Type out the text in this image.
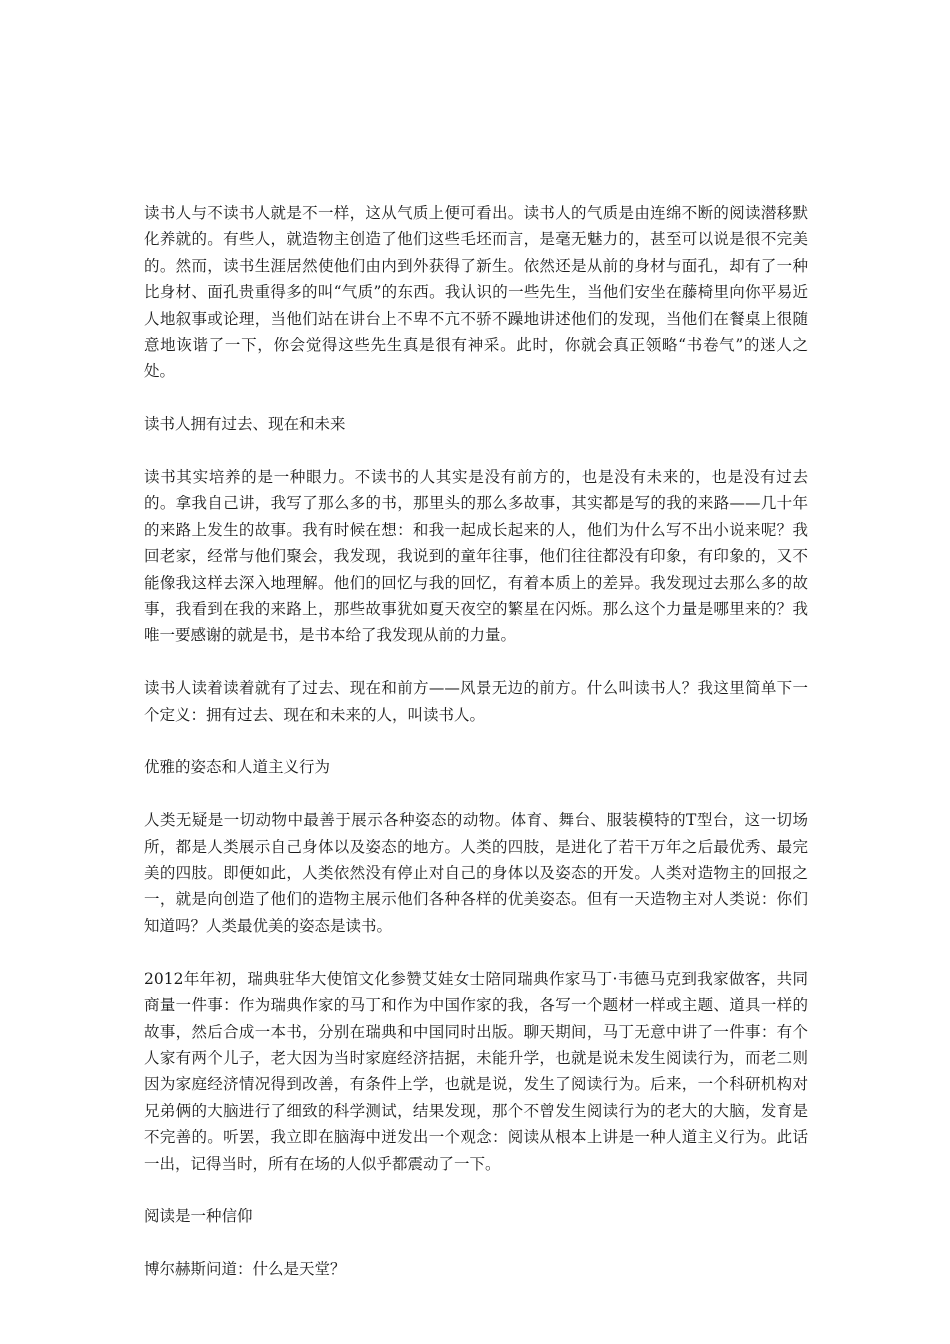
读书人与不读书人就是不一样，这从气质上便可看出。读书人的气质是由连绵不断的阅读潜移默化养就的。有些人，就造物主创造了他们这些毛坯而言，是毫无魅力的，甚至可以说是很不完美的。然而，读书生涯居然使他们由内到外获得了新生。依然还是从前的身材与面孔，却有了一种比身材、面孔贵重得多的叫“气质”的东西。我认识的一些先生，当他们安坐在藤椅里向你平易近人地叙事或论理，当他们站在讲台上不卑不亢不骄不躁地讲述他们的发现，当他们在餐桌上很随意地诙谐了一下，你会觉得这些先生真是很有神采。此时，你就会真正领略“书卷气”的迷人之处。

读书人拥有过去、现在和未来

读书其实培养的是一种眼力。不读书的人其实是没有前方的，也是没有未来的，也是没有过去的。拿我自己讲，我写了那么多的书，那里头的那么多故事，其实都是写的我的来路——几十年的来路上发生的故事。我有时候在想：和我一起成长起来的人，他们为什么写不出小说来呢？我回老家，经常与他们聚会，我发现，我说到的童年往事，他们往往都没有印象，有印象的，又不能像我这样去深入地理解。他们的回忆与我的回忆，有着本质上的差异。我发现过去那么多的故事，我看到在我的来路上，那些故事犹如夏天夜空的繁星在闪烁。那么这个力量是哪里来的？我唯一要感谢的就是书，是书本给了我发现从前的力量。

读书人读着读着就有了过去、现在和前方——风景无边的前方。什么叫读书人？我这里简单下一个定义：拥有过去、现在和未来的人，叫读书人。

优雅的姿态和人道主义行为

人类无疑是一切动物中最善于展示各种姿态的动物。体育、舞台、服装模特的T型台，这一切场所，都是人类展示自己身体以及姿态的地方。人类的四肢，是进化了若干万年之后最优秀、最完美的四肢。即便如此，人类依然没有停止对自己的身体以及姿态的开发。人类对造物主的回报之一，就是向创造了他们的造物主展示他们各种各样的优美姿态。但有一天造物主对人类说：你们知道吗？人类最优美的姿态是读书。

2012年年初，瑞典驻华大使馆文化参赞艾娃女士陪同瑞典作家马丁·韦德马克到我家做客，共同商量一件事：作为瑞典作家的马丁和作为中国作家的我，各写一个题材一样或主题、道具一样的故事，然后合成一本书，分别在瑞典和中国同时出版。聊天期间，马丁无意中讲了一件事：有个人家有两个儿子，老大因为当时家庭经济拮据，未能升学，也就是说未发生阅读行为，而老二则因为家庭经济情况得到改善，有条件上学，也就是说，发生了阅读行为。后来，一个科研机构对兄弟俩的大脑进行了细致的科学测试，结果发现，那个不曾发生阅读行为的老大的大脑，发育是不完善的。听罢，我立即在脑海中迸发出一个观念：阅读从根本上讲是一种人道主义行为。此话一出，记得当时，所有在场的人似乎都震动了一下。

阅读是一种信仰

博尔赫斯问道：什么是天堂？
